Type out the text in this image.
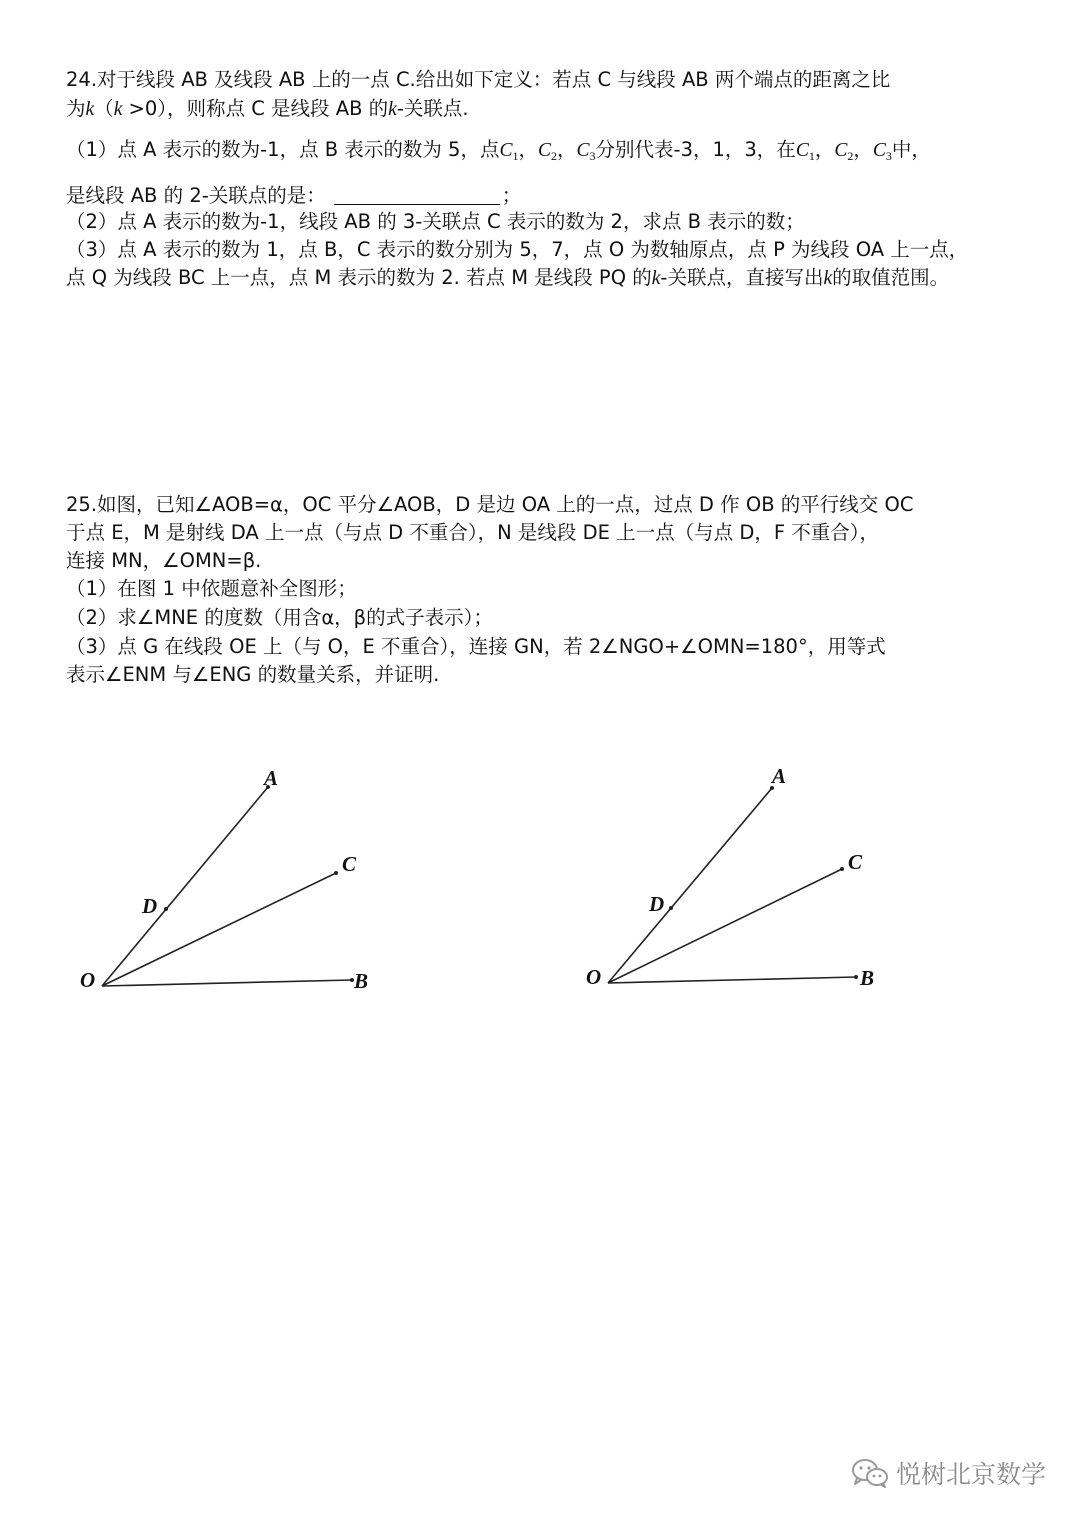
24.对于线段 AB 及线段 AB 上的一点 C.给出如下定义：若点 C 与线段 AB 两个端点的距离之比
为k（k >0），则称点 C 是线段 AB 的k-关联点.
（1）点 A 表示的数为-1，点 B 表示的数为 5，点$C_1$，$C_2$，$C_3$分别代表-3，1，3，在$C_1$，$C_2$，$C_3$中，
是线段 AB 的 2-关联点的是：	；
（2）点 A 表示的数为-1，线段 AB 的 3-关联点 C 表示的数为 2，求点 B 表示的数；
（3）点 A 表示的数为 1，点 B，C 表示的数分别为 5，7，点 O 为数轴原点，点 P 为线段 OA 上一点，
点 Q 为线段 BC 上一点，点 M 表示的数为 2. 若点 M 是线段 PQ 的k-关联点，直接写出k的取值范围。
25.如图，已知∠AOB=α，OC 平分∠AOB，D 是边 OA 上的一点，过点 D 作 OB 的平行线交 OC
于点 E，M 是射线 DA 上一点（与点 D 不重合），N 是线段 DE 上一点（与点 D，F 不重合），
连接 MN，∠OMN=β.
（1）在图 1 中依题意补全图形；
（2）求∠MNE 的度数（用含α，β的式子表示）；
（3）点 G 在线段 OE 上（与 O，E 不重合），连接 GN，若 2∠NGO+∠OMN=180°，用等式
表示∠ENM 与∠ENG 的数量关系，并证明.
A
C
B
D
O
A
C
B
D
O
悦树北京数学
